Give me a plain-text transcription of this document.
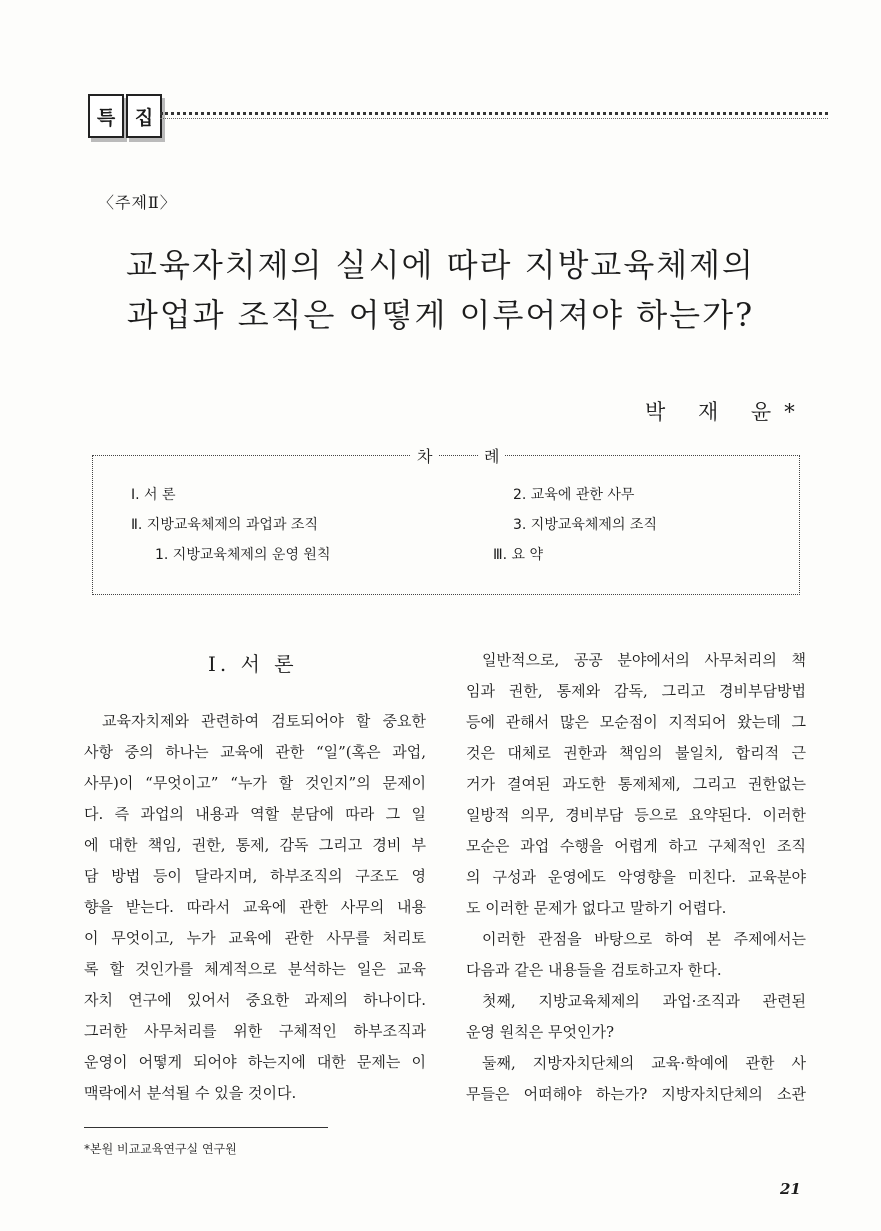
특	집
〈주제Ⅱ〉
교육자치제의 실시에 따라 지방교육체제의
과업과 조직은 어떻게 이루어져야 하는가?
박 재 윤*
차	례
Ⅰ. 서 론
Ⅱ. 지방교육체제의 과업과 조직
1. 지방교육체제의 운영 원칙
2. 교육에 관한 사무
3. 지방교육체제의 조직
Ⅲ. 요 약
Ⅰ. 서 론
교육자치제와 관련하여 검토되어야 할 중요한
사항 중의 하나는 교육에 관한 “일”(혹은 과업,
사무)이 “무엇이고” “누가 할 것인지”의 문제이
다. 즉 과업의 내용과 역할 분담에 따라 그 일
에 대한 책임, 권한, 통제, 감독 그리고 경비 부
담 방법 등이 달라지며, 하부조직의 구조도 영
향을 받는다. 따라서 교육에 관한 사무의 내용
이 무엇이고, 누가 교육에 관한 사무를 처리토
록 할 것인가를 체계적으로 분석하는 일은 교육
자치 연구에 있어서 중요한 과제의 하나이다.
그러한 사무처리를 위한 구체적인 하부조직과
운영이 어떻게 되어야 하는지에 대한 문제는 이
맥락에서 분석될 수 있을 것이다.
일반적으로, 공공 분야에서의 사무처리의 책
임과 권한, 통제와 감독, 그리고 경비부담방법
등에 관해서 많은 모순점이 지적되어 왔는데 그
것은 대체로 권한과 책임의 불일치, 합리적 근
거가 결여된 과도한 통제체제, 그리고 권한없는
일방적 의무, 경비부담 등으로 요약된다. 이러한
모순은 과업 수행을 어렵게 하고 구체적인 조직
의 구성과 운영에도 악영향을 미친다. 교육분야
도 이러한 문제가 없다고 말하기 어렵다.
이러한 관점을 바탕으로 하여 본 주제에서는
다음과 같은 내용들을 검토하고자 한다.
첫째, 지방교육체제의 과업·조직과 관련된
운영 원칙은 무엇인가?
둘째, 지방자치단체의 교육·학예에 관한 사
무들은 어떠해야 하는가? 지방자치단체의 소관
*본원 비교교육연구실 연구원
21
